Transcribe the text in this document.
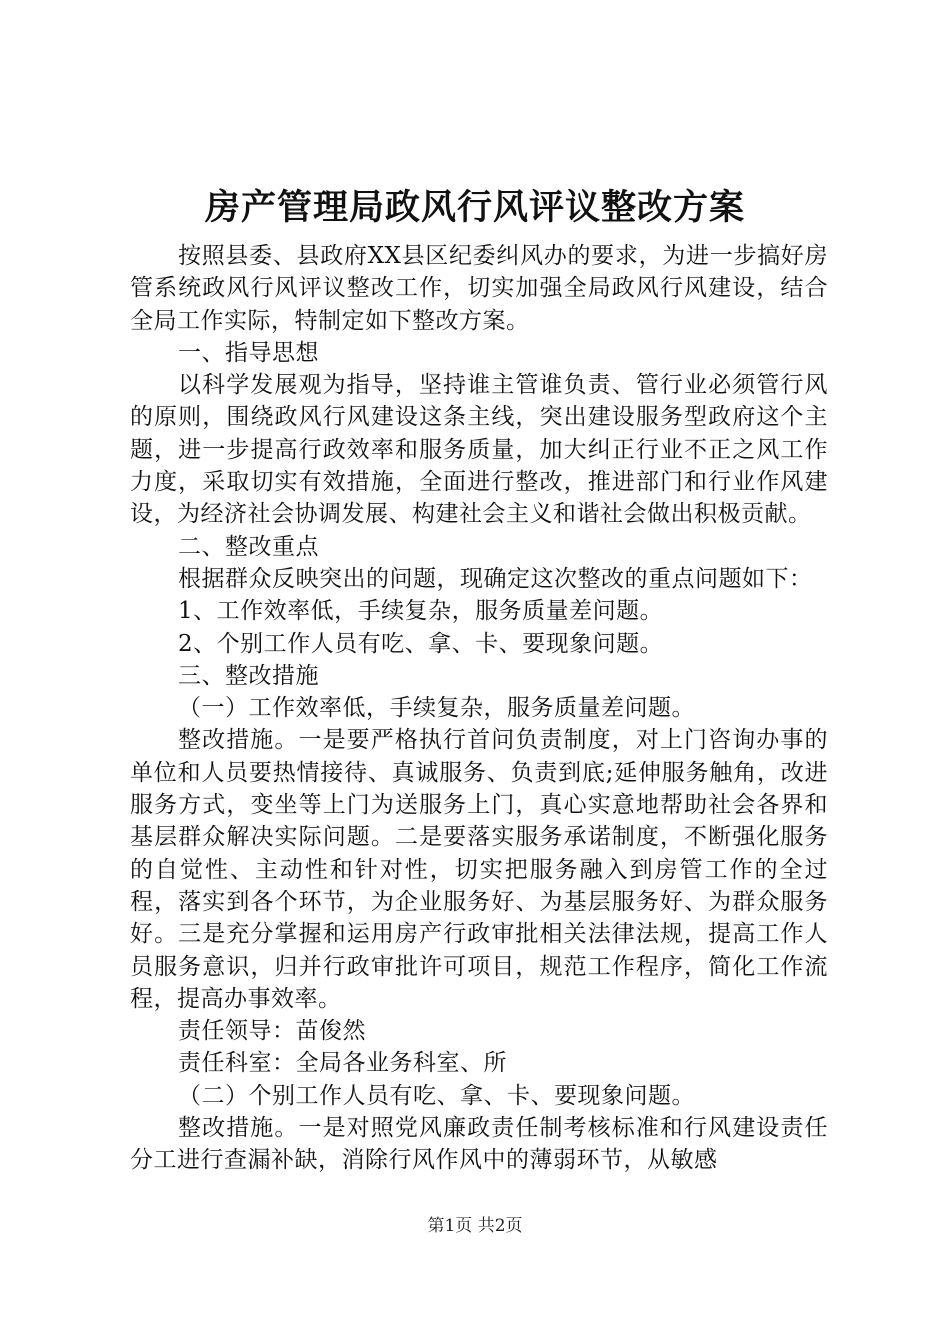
房产管理局政风行风评议整改方案

按照县委、县政府XX县区纪委纠风办的要求，为进一步搞好房管系统政风行风评议整改工作，切实加强全局政风行风建设，结合全局工作实际，特制定如下整改方案。

一、指导思想

以科学发展观为指导，坚持谁主管谁负责、管行业必须管行风的原则，围绕政风行风建设这条主线，突出建设服务型政府这个主题，进一步提高行政效率和服务质量，加大纠正行业不正之风工作力度，采取切实有效措施，全面进行整改，推进部门和行业作风建设，为经济社会协调发展、构建社会主义和谐社会做出积极贡献。

二、整改重点

根据群众反映突出的问题，现确定这次整改的重点问题如下：

1、工作效率低，手续复杂，服务质量差问题。

2、个别工作人员有吃、拿、卡、要现象问题。

三、整改措施

（一）工作效率低，手续复杂，服务质量差问题。

整改措施。一是要严格执行首问负责制度，对上门咨询办事的单位和人员要热情接待、真诚服务、负责到底;延伸服务触角，改进服务方式，变坐等上门为送服务上门，真心实意地帮助社会各界和基层群众解决实际问题。二是要落实服务承诺制度，不断强化服务的自觉性、主动性和针对性，切实把服务融入到房管工作的全过程，落实到各个环节，为企业服务好、为基层服务好、为群众服务好。三是充分掌握和运用房产行政审批相关法律法规，提高工作人员服务意识，归并行政审批许可项目，规范工作程序，简化工作流程，提高办事效率。

责任领导：苗俊然

责任科室：全局各业务科室、所

（二）个别工作人员有吃、拿、卡、要现象问题。

整改措施。一是对照党风廉政责任制考核标准和行风建设责任分工进行查漏补缺，消除行风作风中的薄弱环节，从敏感

第1页 共2页
